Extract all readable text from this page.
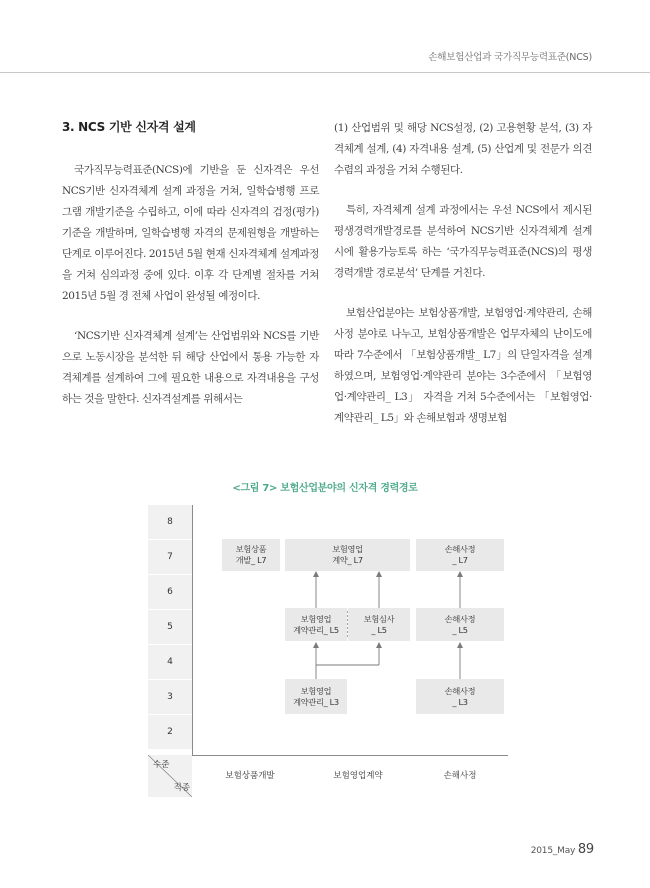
손해보험산업과 국가직무능력표준(NCS)
3. NCS 기반 신자격 설계

국가직무능력표준(NCS)에 기반을 둔 신자격은 우선 NCS기반 신자격체계 설계 과정을 거쳐, 일학습병행 프로그램 개발기준을 수립하고, 이에 따라 신자격의 검정(평가)기준을 개발하며, 일학습병행 자격의 문제원형을 개발하는 단계로 이루어진다. 2015년 5월 현재 신자격체계 설계과정을 거쳐 심의과정 중에 있다. 이후 각 단계별 절차를 거쳐 2015년 5월 경 전체 사업이 완성될 예정이다.

‘NCS기반 신자격체계 설계’는 산업범위와 NCS를 기반으로 노동시장을 분석한 뒤 해당 산업에서 통용 가능한 자격체계를 설계하여 그에 필요한 내용으로 자격내용을 구성하는 것을 말한다. 신자격설계를 위해서는

(1) 산업범위 및 해당 NCS설정, (2) 고용현황 분석, (3) 자격체계 설계, (4) 자격내용 설계, (5) 산업계 및 전문가 의견수렴의 과정을 거쳐 수행된다.

특히, 자격체계 설계 과정에서는 우선 NCS에서 제시된 평생경력개발경로를 분석하여 NCS기반 신자격체계 설계시에 활용가능토록 하는 ‘국가직무능력표준(NCS)의 평생경력개발 경로분석’ 단계를 거친다.

보험산업분야는 보험상품개발, 보험영업·계약관리, 손해사정 분야로 나누고, 보험상품개발은 업무자체의 난이도에 따라 7수준에서 「보험상품개발_ L7」의 단일자격을 설계하였으며, 보험영업·계약관리 분야는 3수준에서 「보험영업·계약관리_ L3」 자격을 거쳐 5수준에서는 「보험영업·계약관리_ L5」와 손해보험과 생명보험

<그림 7> 보험산업분야의 신자격 경력경로
8
7
6
5
4
3
2
수준
직종
보험상품개발	보험영업계약	손해사정
보험상품
개발_ L7
보험영업
계약_ L7
손해사정
_ L7
보험영업
계약관리_ L5
보험심사
_ L5
손해사정
_ L5
보험영업
계약관리_ L3
손해사정
_ L3
2015_May 89
